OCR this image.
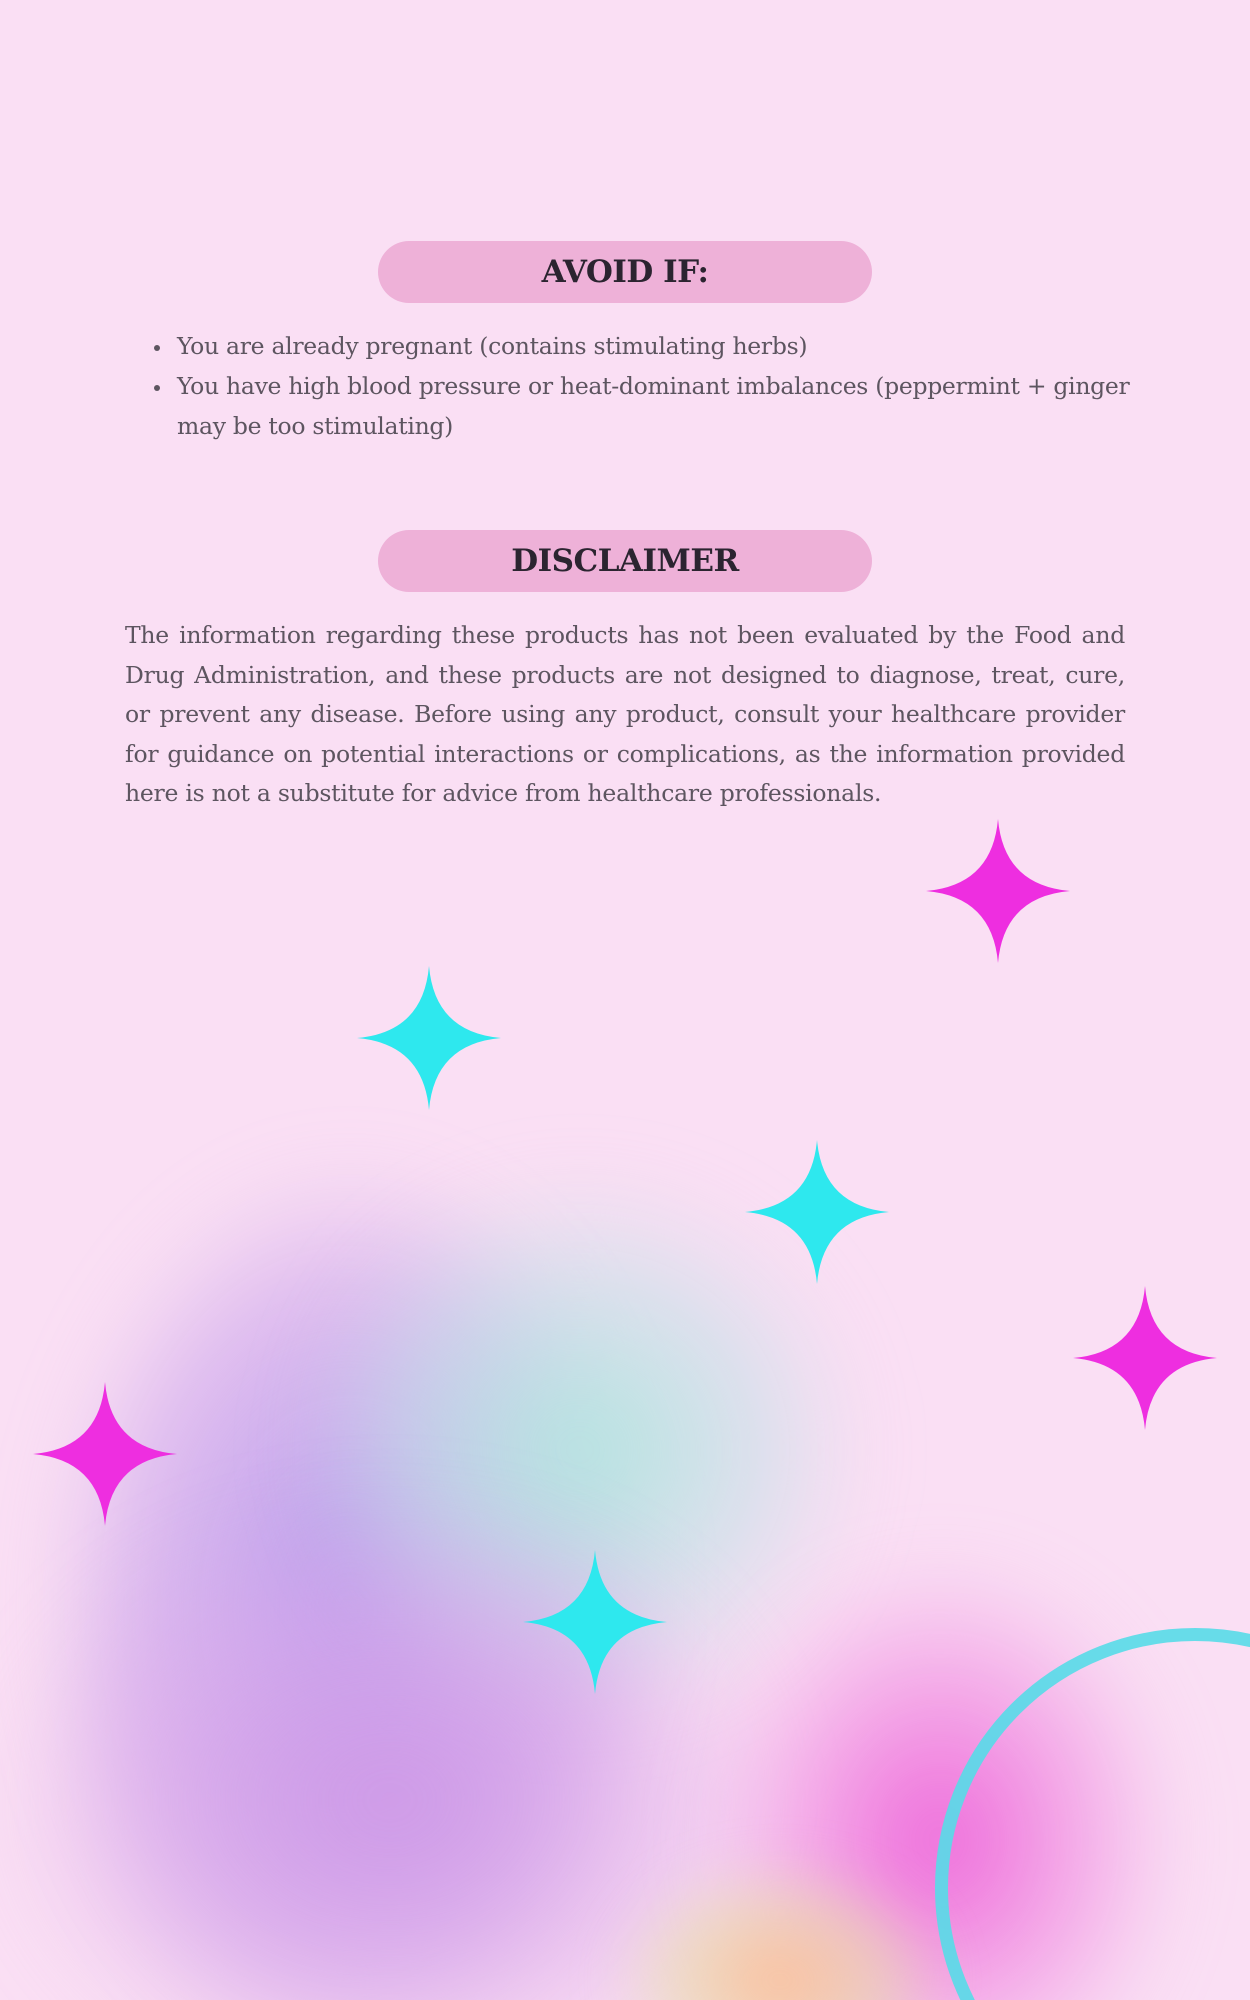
AVOID IF:
• You are already pregnant (contains stimulating herbs)
• You have high blood pressure or heat-dominant imbalances (peppermint + ginger may be too stimulating)
DISCLAIMER

The information regarding these products has not been evaluated by the Food and Drug Administration, and these products are not designed to diagnose, treat, cure, or prevent any disease. Before using any product, consult your healthcare provider for guidance on potential interactions or complications, as the information provided here is not a substitute for advice from healthcare professionals.
